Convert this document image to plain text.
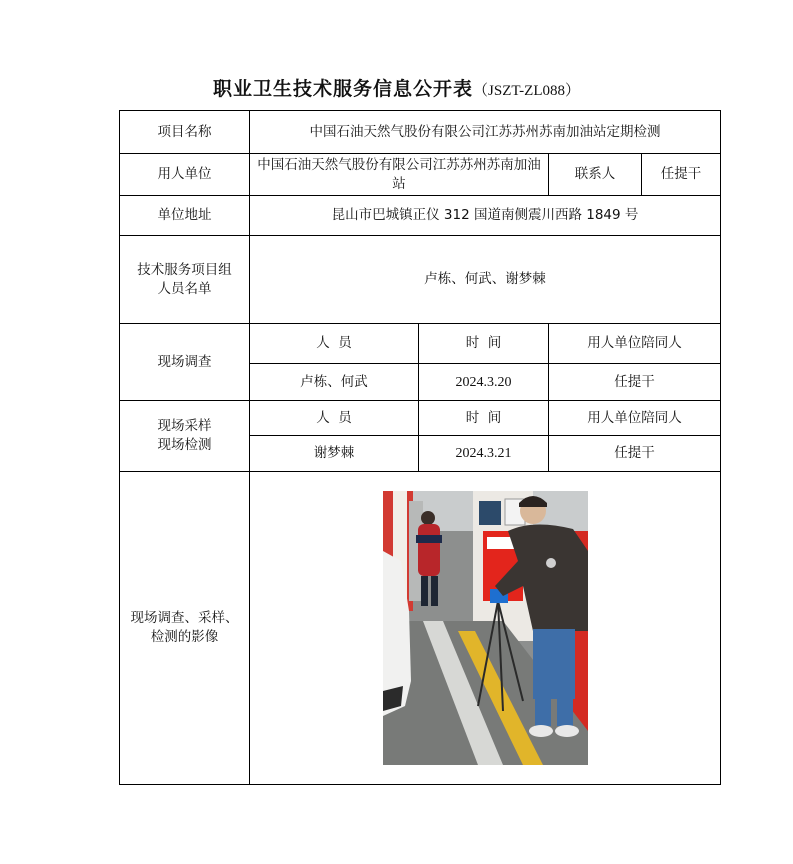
职业卫生技术服务信息公开表（JSZT-ZL088）
项目名称	中国石油天然气股份有限公司江苏苏州苏南加油站定期检测			
用人单位	中国石油天然气股份有限公司江苏苏州苏南加油站		联系人	任提干
单位地址	昆山市巴城镇正仪 312 国道南侧震川西路 1849 号			
技术服务项目组人员名单	卢栋、何武、谢梦棘			
现场调查	人  员	时  间	用人单位陪同人	
	卢栋、何武	2024.3.20	任提干	

现场采样
现场检测	人  员	时  间	用人单位陪同人	
	谢梦棘	2024.3.21	任提干	
现场调查、采样、检测的影像	
